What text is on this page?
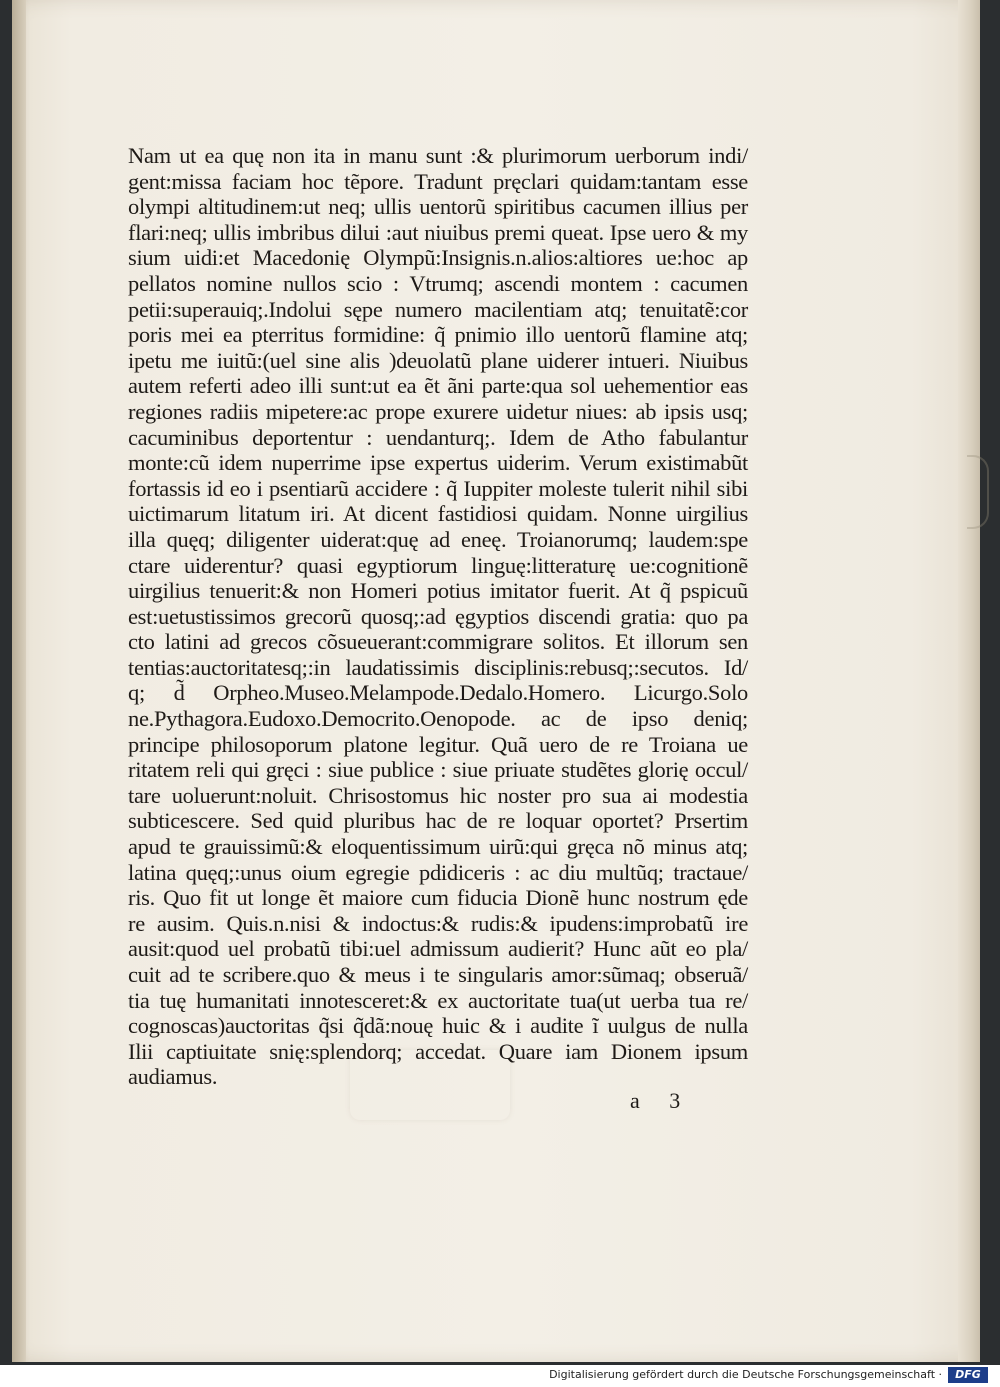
Nam ut ea quę non ita in manu sunt :& plurimorum uerborum indi/
gent:missa faciam hoc tẽpore. Tradunt pręclari quidam:tantam esse
olympi altitudinem:ut neq; ullis uentorũ spiritibus cacumen illius per
flari:neq; ullis imbribus dilui :aut niuibus premi queat. Ipse uero & my
sium uidi:et Macedonię Olympũ:Insignis.n.alios:altiores ue:hoc ap
pellatos nomine nullos scio : Vtrumq; ascendi montem : cacumen
petii:superauiq;.Indolui sępe numero macilentiam atq; tenuitatẽ:cor
poris mei ea pterritus formidine: q̃ pnimio illo uentorũ flamine atq;
ipetu me iuitũ:(uel sine alis )deuolatũ plane uiderer intueri. Niuibus
autem referti adeo illi sunt:ut ea ẽt ãni parte:qua sol uehementior eas
regiones radiis mipetere:ac prope exurere uidetur niues: ab ipsis usq;
cacuminibus deportentur : uendanturq;. Idem de Atho fabulantur
monte:cũ idem nuperrime ipse expertus uiderim. Verum existimabũt
fortassis id eo i psentiarũ accidere : q̃ Iuppiter moleste tulerit nihil sibi
uictimarum litatum iri. At dicent fastidiosi quidam. Nonne uirgilius
illa quęq; diligenter uiderat:quę ad eneę. Troianorumq; laudem:spe
ctare uiderentur? quasi egyptiorum linguę:litteraturę ue:cognitionẽ
uirgilius tenuerit:& non Homeri potius imitator fuerit. At q̃ pspicuũ
est:uetustissimos grecorũ quosq;:ad ęgyptios discendi gratia: quo pa
cto latini ad grecos cõsueuerant:commigrare solitos. Et illorum sen
tentias:auctoritatesq;:in laudatissimis disciplinis:rebusq;:secutos. Id/
q; d̃ Orpheo.Museo.Melampode.Dedalo.Homero. Licurgo.Solo
ne.Pythagora.Eudoxo.Democrito.Oenopode. ac de ipso deniq;
principe philosoporum platone legitur. Quã uero de re Troiana ue
ritatem reli qui gręci : siue publice : siue priuate studẽtes glorię occul/
tare uoluerunt:noluit. Chrisostomus hic noster pro sua ai modestia
subticescere. Sed quid pluribus hac de re loquar oportet? Prsertim
apud te grauissimũ:& eloquentissimum uirũ:qui gręca nõ minus atq;
latina quęq;:unus oium egregie pdidiceris : ac diu multũq; tractaue/
ris. Quo fit ut longe ẽt maiore cum fiducia Dionẽ hunc nostrum ęde
re ausim. Quis.n.nisi & indoctus:& rudis:& ipudens:improbatũ ire
ausit:quod uel probatũ tibi:uel admissum audierit? Hunc aũt eo pla/
cuit ad te scribere.quo & meus i te singularis amor:sũmaq; obseruã/
tia tuę humanitati innotesceret:& ex auctoritate tua(ut uerba tua re/
cognoscas)auctoritas q̃si q̃dã:nouę huic & i audite ĩ uulgus de nulla
Ilii captiuitate snię:splendorq; accedat. Quare iam Dionem ipsum
audiamus.
a 3
Digitalisierung gefördert durch die Deutsche Forschungsgemeinschaft ·	DFG
